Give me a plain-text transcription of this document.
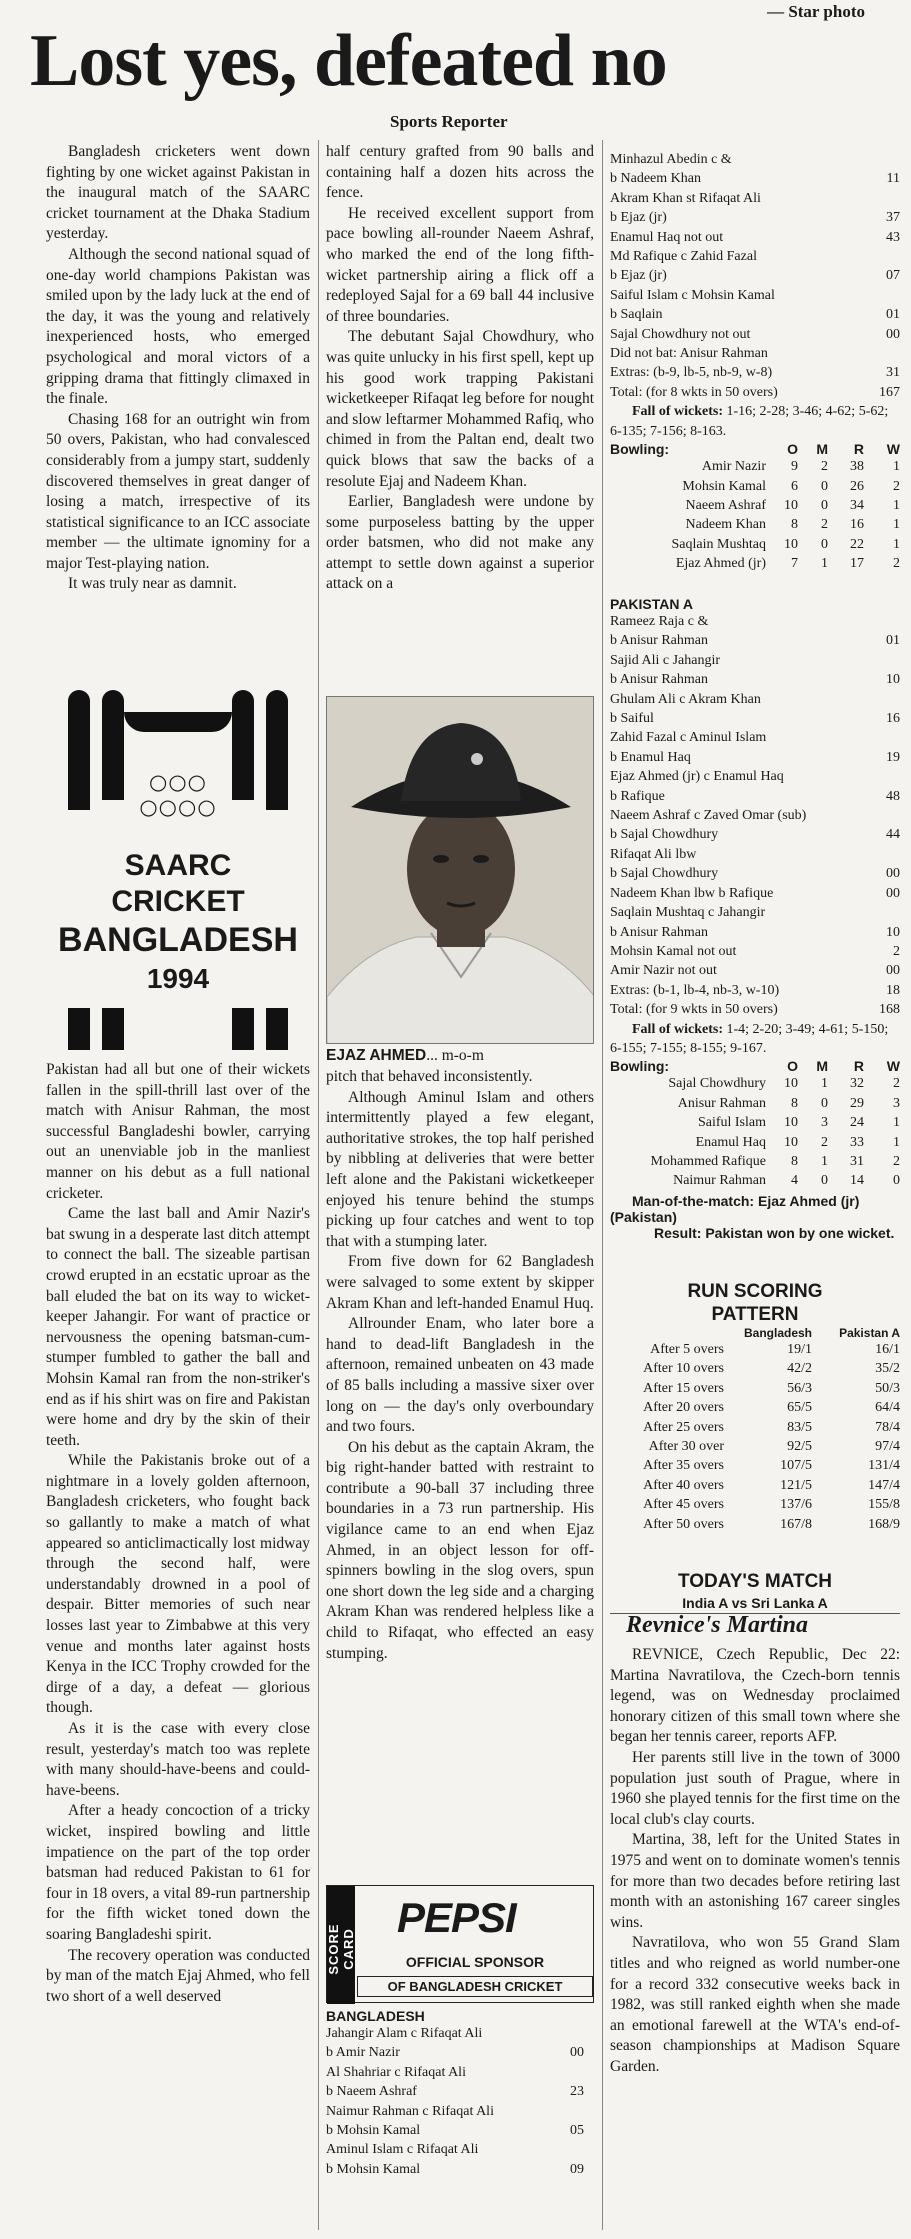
— Star photo
Lost yes, defeated no
Sports Reporter

Bangladesh cricketers went down fighting by one wicket against Pakistan in the inaugural match of the SAARC cricket tournament at the Dhaka Stadium yesterday.

Although the second national squad of one-day world champions Pakistan was smiled upon by the lady luck at the end of the day, it was the young and relatively inexperienced hosts, who emerged psychological and moral victors of a gripping drama that fittingly climaxed in the finale.

Chasing 168 for an outright win from 50 overs, Pakistan, who had convalesced considerably from a jumpy start, suddenly discovered themselves in great danger of losing a match, irrespective of its statistical significance to an ICC associate member — the ultimate ignominy for a major Test-playing nation.

It was truly near as damnit.

○○○
○○○○
SAARC
CRICKET
BANGLADESH
1994

Pakistan had all but one of their wickets fallen in the spill-thrill last over of the match with Anisur Rahman, the most successful Bangladeshi bowler, carrying out an unenviable job in the manliest manner on his debut as a full national cricketer.

Came the last ball and Amir Nazir's bat swung in a desperate last ditch attempt to connect the ball. The sizeable partisan crowd erupted in an ecstatic uproar as the ball eluded the bat on its way to wicket-keeper Jahangir. For want of practice or nervousness the opening batsman-cum-stumper fumbled to gather the ball and Mohsin Kamal ran from the non-striker's end as if his shirt was on fire and Pakistan were home and dry by the skin of their teeth.

While the Pakistanis broke out of a nightmare in a lovely golden afternoon, Bangladesh cricketers, who fought back so gallantly to make a match of what appeared so anticlimactically lost midway through the second half, were understandably drowned in a pool of despair. Bitter memories of such near losses last year to Zimbabwe at this very venue and months later against hosts Kenya in the ICC Trophy crowded for the dirge of a day, a defeat — glorious though.

As it is the case with every close result, yesterday's match too was replete with many should-have-beens and could-have-beens.

After a heady concoction of a tricky wicket, inspired bowling and little impatience on the part of the top order batsman had reduced Pakistan to 61 for four in 18 overs, a vital 89-run partnership for the fifth wicket toned down the soaring Bangladeshi spirit.

The recovery operation was conducted by man of the match Ejaj Ahmed, who fell two short of a well deserved

half century grafted from 90 balls and containing half a dozen hits across the fence.

He received excellent support from pace bowling all-rounder Naeem Ashraf, who marked the end of the long fifth-wicket partnership airing a flick off a redeployed Sajal for a 69 ball 44 inclusive of three boundaries.

The debutant Sajal Chowdhury, who was quite unlucky in his first spell, kept up his good work trapping Pakistani wicketkeeper Rifaqat leg before for nought and slow leftarmer Mohammed Rafiq, who chimed in from the Paltan end, dealt two quick blows that saw the backs of a resolute Ejaj and Nadeem Khan.

Earlier, Bangladesh were undone by some purposeless batting by the upper order batsmen, who did not make any attempt to settle down against a superior attack on a

EJAZ AHMED... m-o-m

pitch that behaved inconsistently.

Although Aminul Islam and others intermittently played a few elegant, authoritative strokes, the top half perished by nibbling at deliveries that were better left alone and the Pakistani wicketkeeper enjoyed his tenure behind the stumps picking up four catches and went to top that with a stumping later.

From five down for 62 Bangladesh were salvaged to some extent by skipper Akram Khan and left-handed Enamul Huq.

Allrounder Enam, who later bore a hand to dead-lift Bangladesh in the afternoon, remained unbeaten on 43 made of 85 balls including a massive sixer over long on — the day's only overboundary and two fours.

On his debut as the captain Akram, the big right-hander batted with restraint to contribute a 90-ball 37 including three boundaries in a 73 run partnership. His vigilance came to an end when Ejaz Ahmed, in an object lesson for off-spinners bowling in the slog overs, spun one short down the leg side and a charging Akram Khan was rendered helpless like a child to Rifaqat, who effected an easy stumping.

SCORE CARD
PEPSI
OFFICIAL SPONSOR
OF BANGLADESH CRICKET
BANGLADESH
Jahangir Alam c Rifaqat Ali
b Amir Nazir	00
Al Shahriar c Rifaqat Ali
b Naeem Ashraf	23
Naimur Rahman c Rifaqat Ali
b Mohsin Kamal	05
Aminul Islam c Rifaqat Ali
b Mohsin Kamal	09
Minhazul Abedin c &
b Nadeem Khan	11
Akram Khan st Rifaqat Ali
b Ejaz (jr)	37
Enamul Haq not out	43
Md Rafique c Zahid Fazal
b Ejaz (jr)	07
Saiful Islam c Mohsin Kamal
b Saqlain	01
Sajal Chowdhury not out	00
Did not bat: Anisur Rahman
Extras: (b-9, lb-5, nb-9, w-8)	31
Total: (for 8 wkts in 50 overs)	167
Fall of wickets: 1-16; 2-28; 3-46; 4-62; 5-62; 6-135; 7-156; 8-163.
Bowling:	O	M	R	W
Amir Nazir	9	2	38	1
Mohsin Kamal	6	0	26	2
Naeem Ashraf	10	0	34	1
Nadeem Khan	8	2	16	1
Saqlain Mushtaq	10	0	22	1
Ejaz Ahmed (jr)	7	1	17	2
PAKISTAN A
Rameez Raja c &
b Anisur Rahman	01
Sajid Ali c Jahangir
b Anisur Rahman	10
Ghulam Ali c Akram Khan
b Saiful	16
Zahid Fazal c Aminul Islam
b Enamul Haq	19
Ejaz Ahmed (jr) c Enamul Haq
b Rafique	48
Naeem Ashraf c Zaved Omar (sub)
b Sajal Chowdhury	44
Rifaqat Ali lbw
b Sajal Chowdhury	00
Nadeem Khan lbw b Rafique	00
Saqlain Mushtaq c Jahangir
b Anisur Rahman	10
Mohsin Kamal not out	2
Amir Nazir not out	00
Extras: (b-1, lb-4, nb-3, w-10)	18
Total: (for 9 wkts in 50 overs)	168
Fall of wickets: 1-4; 2-20; 3-49; 4-61; 5-150; 6-155; 7-155; 8-155; 9-167.
Bowling:	O	M	R	W
Sajal Chowdhury	10	1	32	2
Anisur Rahman	8	0	29	3
Saiful Islam	10	3	24	1
Enamul Haq	10	2	33	1
Mohammed Rafique	8	1	31	2
Naimur Rahman	4	0	14	0
Man-of-the-match: Ejaz Ahmed (jr) (Pakistan)
Result: Pakistan won by one wicket.
RUN SCORING PATTERN
Bangladesh	Pakistan A
After 5 overs	19/1	16/1
After 10 overs	42/2	35/2
After 15 overs	56/3	50/3
After 20 overs	65/5	64/4
After 25 overs	83/5	78/4
After 30 over	92/5	97/4
After 35 overs	107/5	131/4
After 40 overs	121/5	147/4
After 45 overs	137/6	155/8
After 50 overs	167/8	168/9
TODAY'S MATCH
India A vs Sri Lanka A
Revnice's Martina

REVNICE, Czech Republic, Dec 22: Martina Navratilova, the Czech-born tennis legend, was on Wednesday proclaimed honorary citizen of this small town where she began her tennis career, reports AFP.

Her parents still live in the town of 3000 population just south of Prague, where in 1960 she played tennis for the first time on the local club's clay courts.

Martina, 38, left for the United States in 1975 and went on to dominate women's tennis for more than two decades before retiring last month with an astonishing 167 career singles wins.

Navratilova, who won 55 Grand Slam titles and who reigned as world number-one for a record 332 consecutive weeks back in 1982, was still ranked eighth when she made an emotional farewell at the WTA's end-of-season championships at Madison Square Garden.
